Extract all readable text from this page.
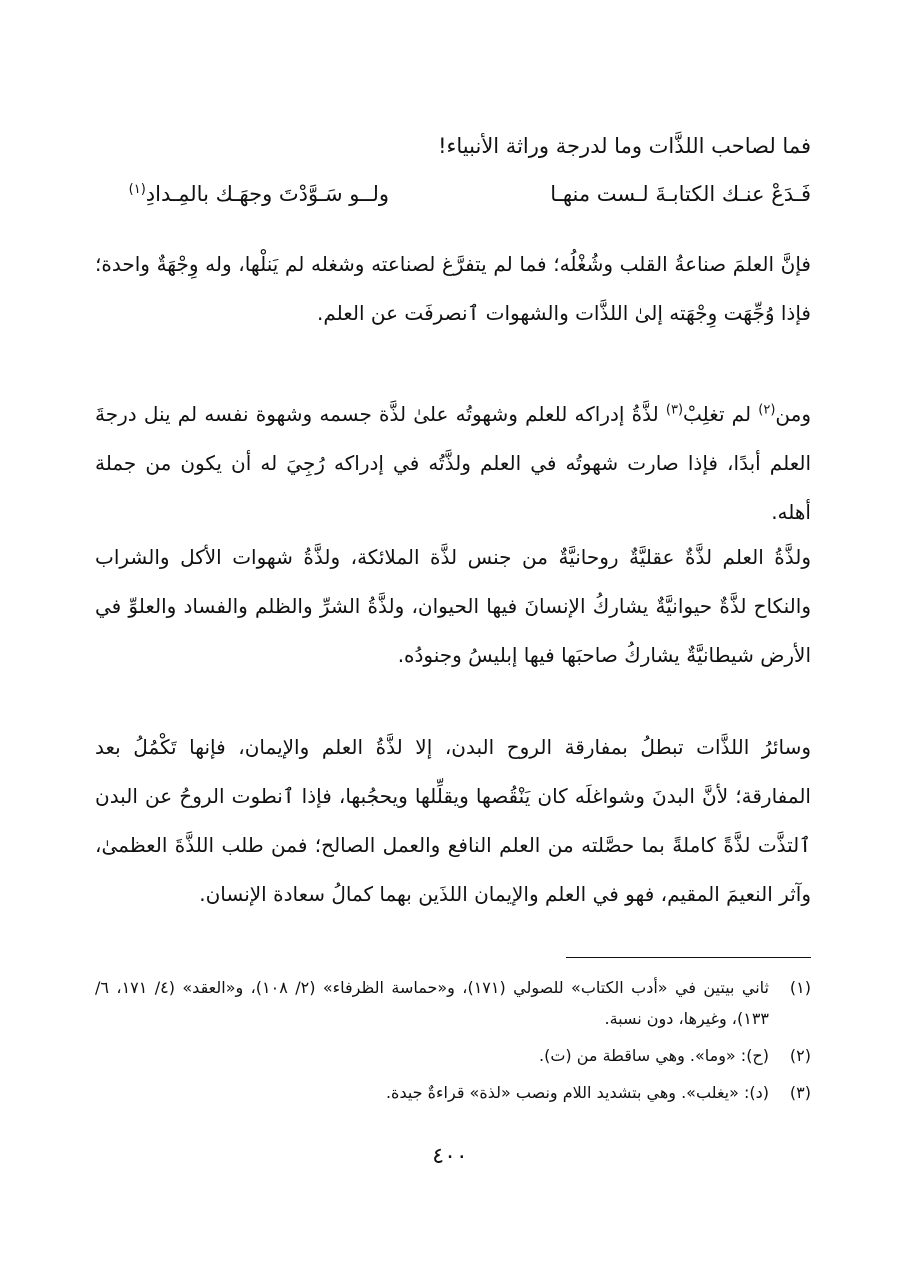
فما لصاحب اللذَّات وما لدرجة وراثة الأنبياء!
فَـدَعْ عنـك الكتابـةَ لـست منهـا
ولــو سَـوَّدْتَ وجهَـك بالمِـدادِ$^{(١)}$
فإنَّ العلمَ صناعةُ القلب وشُغْلُه؛ فما لم يتفرَّغ لصناعته وشغله لم يَنلْها، وله وِجْهَةٌ واحدة؛ فإذا وُجِّهَت وِجْهَته إلىٰ اللذَّات والشهوات ٱنصرفَت عن العلم.
ومن$^{(٢)}$ لم تغلِبْ$^{(٣)}$ لذَّةُ إدراكه للعلم وشهوتُه علىٰ لذَّة جسمه وشهوة نفسه لم ينل درجةَ العلم أبدًا، فإذا صارت شهوتُه في العلم ولذَّتُه في إدراكه رُجِيَ له أن يكون من جملة أهله.
ولذَّةُ العلم لذَّةٌ عقليَّةٌ روحانيَّةٌ من جنس لذَّة الملائكة، ولذَّةُ شهوات الأكل والشراب والنكاح لذَّةٌ حيوانيَّةٌ يشاركُ الإنسانَ فيها الحيوان، ولذَّةُ الشرِّ والظلم والفساد والعلوِّ في الأرض شيطانيَّةٌ يشاركُ صاحبَها فيها إبليسُ وجنودُه.
وسائرُ اللذَّات تبطلُ بمفارقة الروح البدن، إلا لذَّةُ العلم والإيمان، فإنها تَكْمُلُ بعد المفارقة؛ لأنَّ البدنَ وشواغلَه كان يَنْقُصها ويقلِّلها ويحجُبها، فإذا ٱنطوت الروحُ عن البدن ٱلتذَّت لذَّةً كاملةً بما حصَّلته من العلم النافع والعمل الصالح؛ فمن طلب اللذَّةَ العظمىٰ، وآثر النعيمَ المقيم، فهو في العلم والإيمان اللذَين بهما كمالُ سعادة الإنسان.
(١)
ثاني بيتين في «أدب الكتاب» للصولي (١٧١)، و«حماسة الظرفاء» (٢/ ١٠٨)، و«العقد» (٤/ ١٧١، ٦/ ١٣٣)، وغيرها، دون نسبة.
(٢)
(ح): «وما». وهي ساقطة من (ت).
(٣)
(د): «يغلب». وهي بتشديد اللام ونصب «لذة» قراءةٌ جيدة.
٤٠٠
